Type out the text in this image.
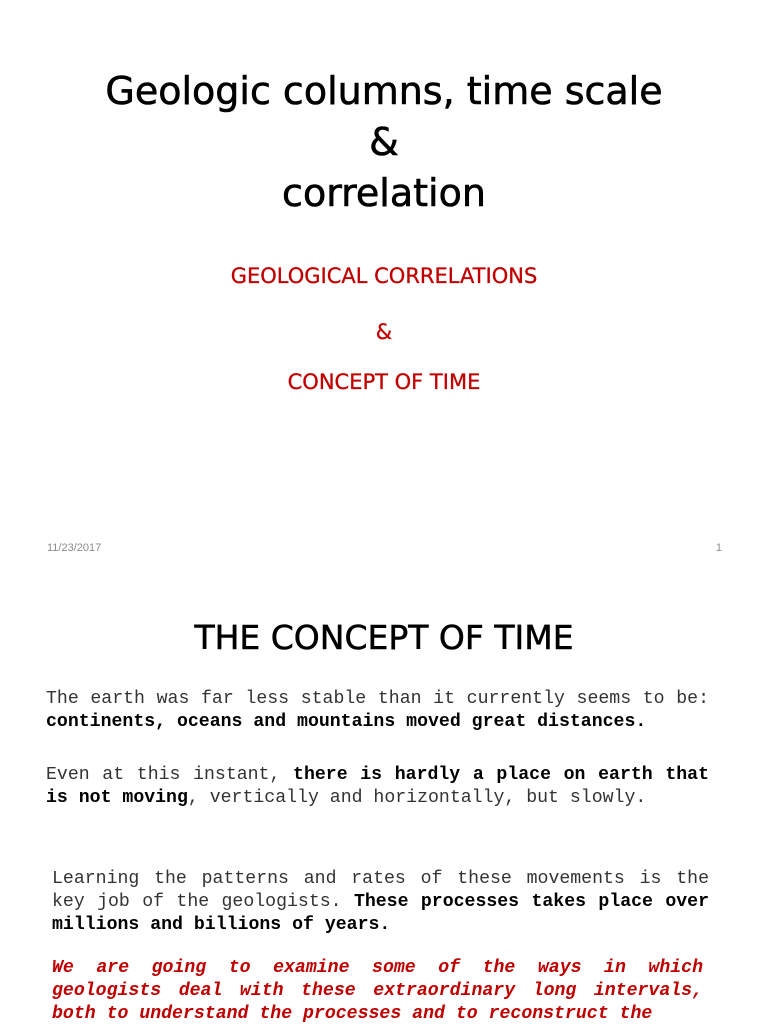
Geologic columns, time scale
&
correlation
GEOLOGICAL CORRELATIONS
&
CONCEPT OF TIME
11/23/2017	1
THE CONCEPT OF TIME
The earth was far less stable than it currently seems to be: continents, oceans and mountains moved great distances.
Even at this instant, there is hardly a place on earth that is not moving, vertically and horizontally, but slowly.
Learning the patterns and rates of these movements is the key job of the geologists. These processes takes place over millions and billions of years.
We are going to examine some of the ways in which geologists deal with these extraordinary long intervals, both to understand the processes and to reconstruct the
